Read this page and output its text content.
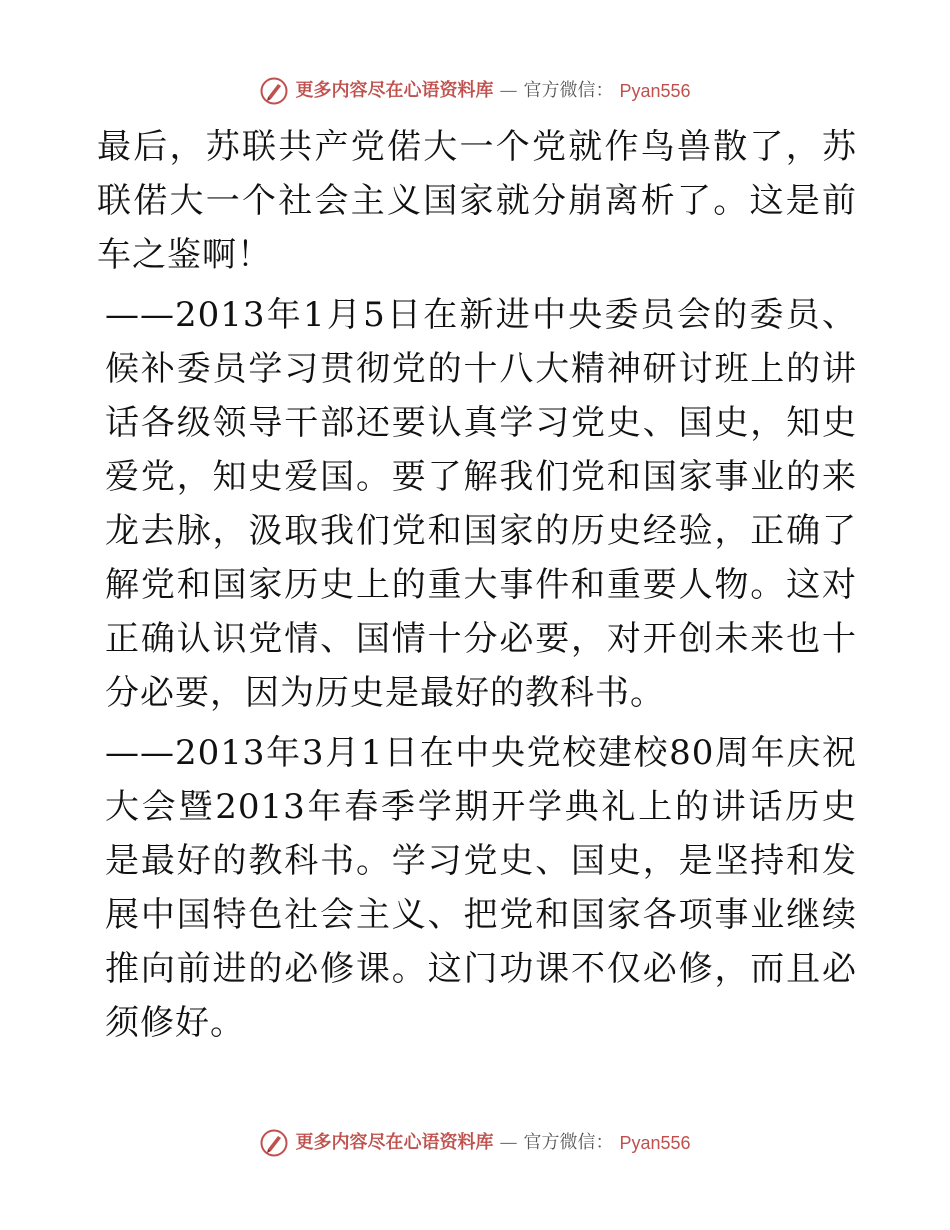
更多内容尽在心语资料库 — 官方微信： Pyan556

最后，苏联共产党偌大一个党就作鸟兽散了，苏联偌大一个社会主义国家就分崩离析了。这是前车之鉴啊！

——2013年1月5日在新进中央委员会的委员、候补委员学习贯彻党的十八大精神研讨班上的讲话各级领导干部还要认真学习党史、国史，知史爱党，知史爱国。要了解我们党和国家事业的来龙去脉，汲取我们党和国家的历史经验，正确了解党和国家历史上的重大事件和重要人物。这对正确认识党情、国情十分必要，对开创未来也十分必要，因为历史是最好的教科书。

——2013年3月1日在中央党校建校80周年庆祝大会暨2013年春季学期开学典礼上的讲话历史是最好的教科书。学习党史、国史，是坚持和发展中国特色社会主义、把党和国家各项事业继续推向前进的必修课。这门功课不仅必修，而且必须修好。

更多内容尽在心语资料库 — 官方微信： Pyan556
